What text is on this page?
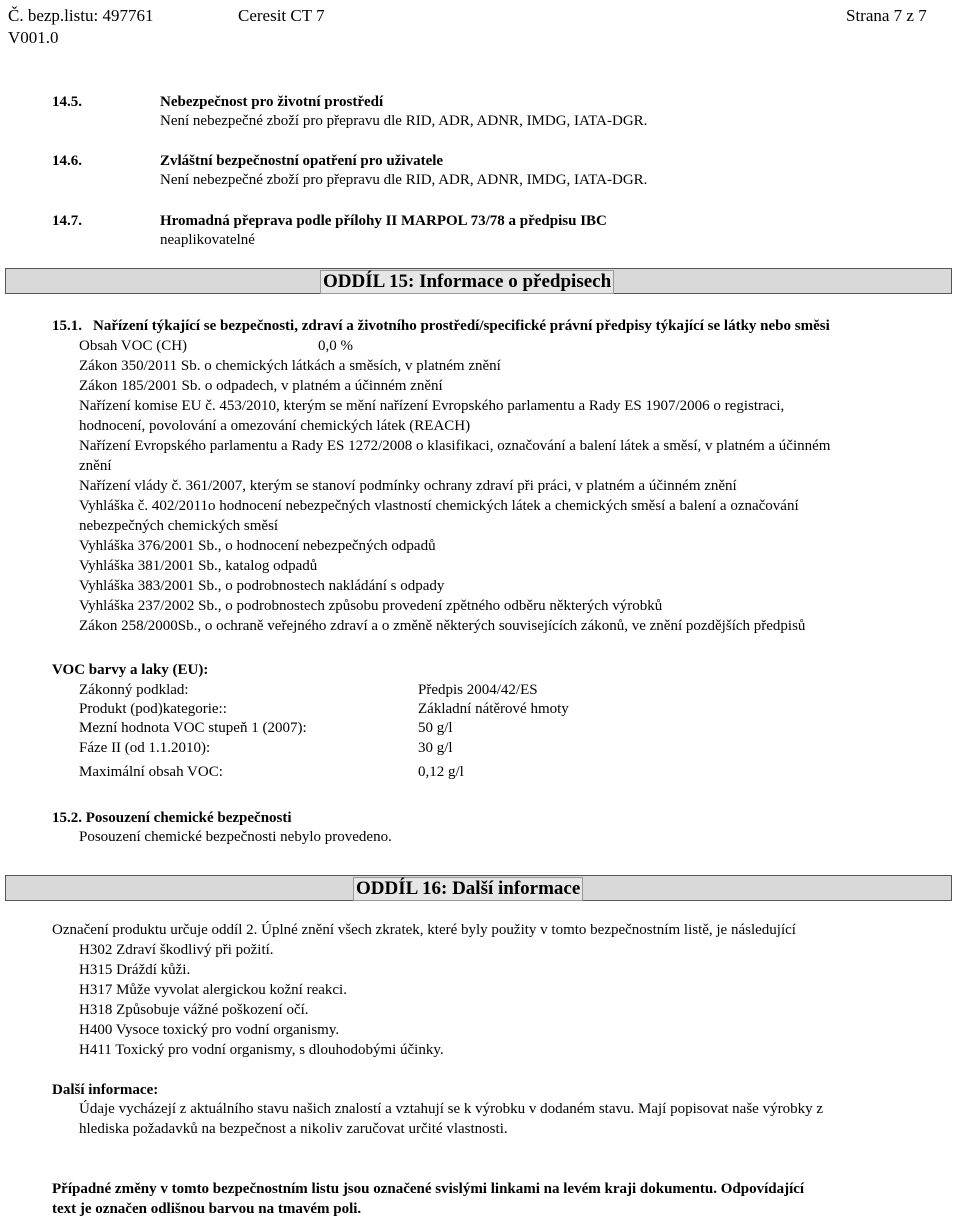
Č. bezp.listu: 497761
V001.0
Ceresit CT 7	Strana 7 z 7
14.5.	Nebezpečnost pro životní prostředí
Není nebezpečné zboží pro přepravu dle RID, ADR, ADNR, IMDG, IATA-DGR.
14.6.	Zvláštní bezpečnostní opatření pro uživatele
Není nebezpečné zboží pro přepravu dle RID, ADR, ADNR, IMDG, IATA-DGR.
14.7.	Hromadná přeprava podle přílohy II MARPOL 73/78 a předpisu IBC
neaplikovatelné
ODDÍL 15: Informace o předpisech
15.1. Nařízení týkající se bezpečnosti, zdraví a životního prostředí/specifické právní předpisy týkající se látky nebo směsi
Obsah VOC (CH)	0,0 %
Zákon 350/2011 Sb. o chemických látkách a směsích, v platném znění
Zákon 185/2001 Sb. o odpadech, v platném a účinném znění
Nařízení komise EU č. 453/2010, kterým se mění nařízení Evropského parlamentu a Rady ES 1907/2006 o registraci,
hodnocení, povolování a omezování chemických látek (REACH)
Nařízení Evropského parlamentu a Rady ES 1272/2008 o klasifikaci, označování a balení látek a směsí, v platném a účinném
znění
Nařízení vlády č. 361/2007, kterým se stanoví podmínky ochrany zdraví při práci, v platném a účinném znění
Vyhláška č. 402/2011o hodnocení nebezpečných vlastností chemických látek a chemických směsí a balení a označování
nebezpečných chemických směsí
Vyhláška 376/2001 Sb., o hodnocení nebezpečných odpadů
Vyhláška 381/2001 Sb., katalog odpadů
Vyhláška 383/2001 Sb., o podrobnostech nakládání s odpady
Vyhláška 237/2002 Sb., o podrobnostech způsobu provedení zpětného odběru některých výrobků
Zákon 258/2000Sb., o ochraně veřejného zdraví a o změně některých souvisejících zákonů, ve znění pozdějších předpisů
VOC barvy a laky (EU):
Zákonný podklad:	Předpis 2004/42/ES
Produkt (pod)kategorie::	Základní nátěrové hmoty
Mezní hodnota VOC stupeň 1 (2007):	50 g/l
Fáze II (od 1.1.2010):	30 g/l
Maximální obsah VOC:	0,12 g/l
15.2. Posouzení chemické bezpečnosti
Posouzení chemické bezpečnosti nebylo provedeno.
ODDÍL 16: Další informace
Označení produktu určuje oddíl 2. Úplné znění všech zkratek, které byly použity v tomto bezpečnostním listě, je následující
H302 Zdraví škodlivý při požití.
H315 Dráždí kůži.
H317 Může vyvolat alergickou kožní reakci.
H318 Způsobuje vážné poškození očí.
H400 Vysoce toxický pro vodní organismy.
H411 Toxický pro vodní organismy, s dlouhodobými účinky.
Další informace:
Údaje vycházejí z aktuálního stavu našich znalostí a vztahují se k výrobku v dodaném stavu. Mají popisovat naše výrobky z
hlediska požadavků na bezpečnost a nikoliv zaručovat určité vlastnosti.
Případné změny v tomto bezpečnostním listu jsou označené svislými linkami na levém kraji dokumentu. Odpovídající
text je označen odlišnou barvou na tmavém poli.
